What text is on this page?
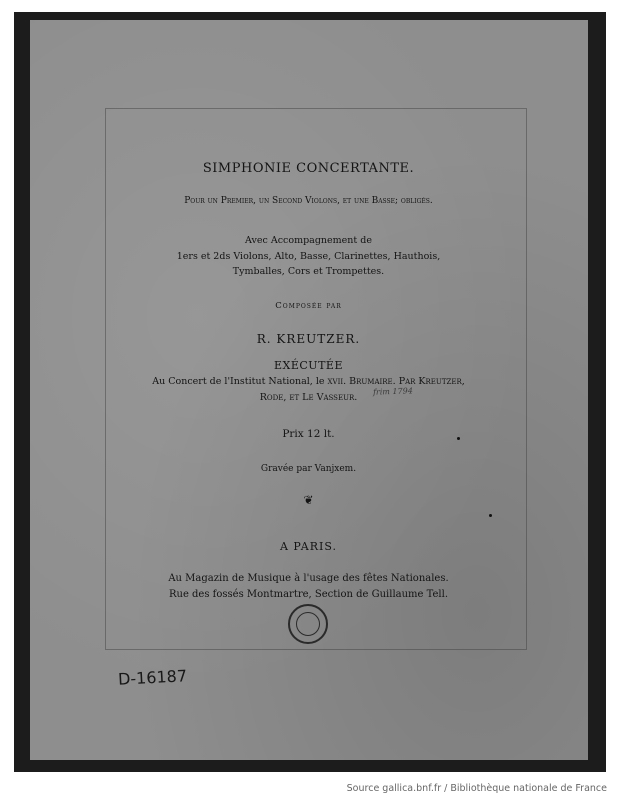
SIMPHONIE CONCERTANTE.
Pour un Premier, un Second Violons, et une Basse; obligés.
Avec Accompagnement de
1ers et 2ds Violons, Alto, Basse, Clarinettes, Hauthois,
Tymballes, Cors et Trompettes.
Composée par
R. KREUTZER.
EXÉCUTÉE
Au Concert de l'Institut National, le xvii. Brumaire. Par Kreutzer,
Rode, et Le Vasseur.
frim 1794
Prix 12 lt.
Gravée par Vanjxem.
❦
A PARIS.
Au Magazin de Musique à l'usage des fêtes Nationales.
Rue des fossés Montmartre, Section de Guillaume Tell.
D-16187
Source gallica.bnf.fr / Bibliothèque nationale de France
